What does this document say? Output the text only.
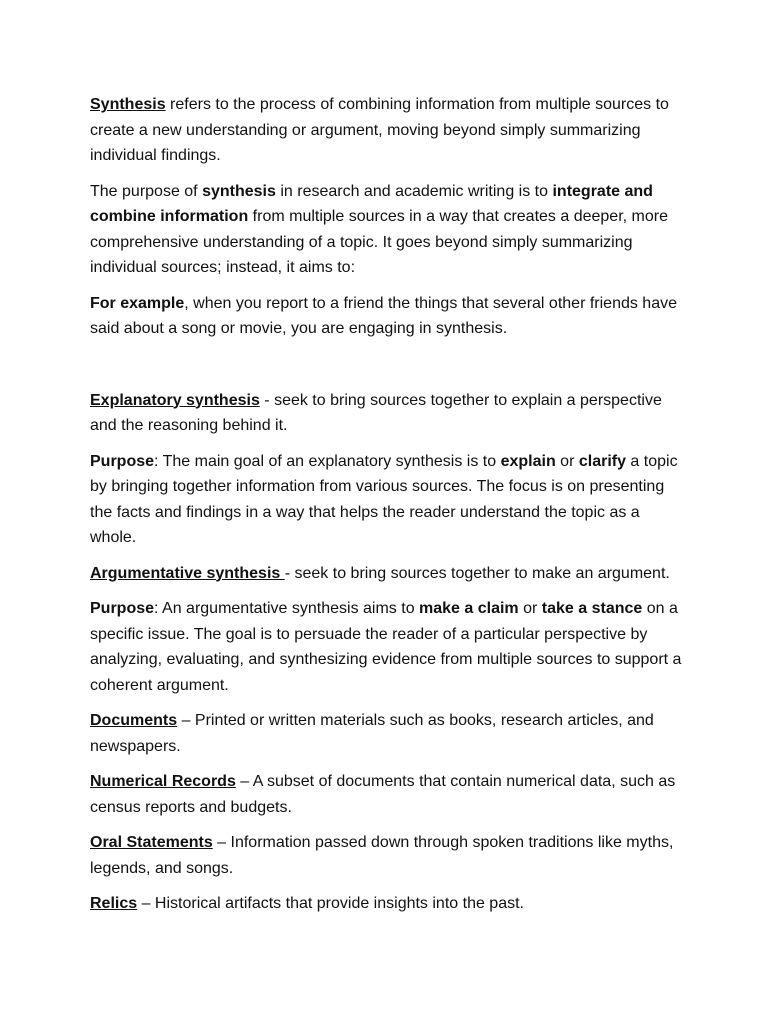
Synthesis refers to the process of combining information from multiple sources to create a new understanding or argument, moving beyond simply summarizing individual findings.

The purpose of synthesis in research and academic writing is to integrate and combine information from multiple sources in a way that creates a deeper, more comprehensive understanding of a topic. It goes beyond simply summarizing individual sources; instead, it aims to:

For example, when you report to a friend the things that several other friends have said about a song or movie, you are engaging in synthesis.

Explanatory synthesis - seek to bring sources together to explain a perspective and the reasoning behind it.

Purpose: The main goal of an explanatory synthesis is to explain or clarify a topic by bringing together information from various sources. The focus is on presenting the facts and findings in a way that helps the reader understand the topic as a whole.

Argumentative synthesis - seek to bring sources together to make an argument.

Purpose: An argumentative synthesis aims to make a claim or take a stance on a specific issue. The goal is to persuade the reader of a particular perspective by analyzing, evaluating, and synthesizing evidence from multiple sources to support a coherent argument.

Documents – Printed or written materials such as books, research articles, and newspapers.

Numerical Records – A subset of documents that contain numerical data, such as census reports and budgets.

Oral Statements – Information passed down through spoken traditions like myths, legends, and songs.

Relics – Historical artifacts that provide insights into the past.
